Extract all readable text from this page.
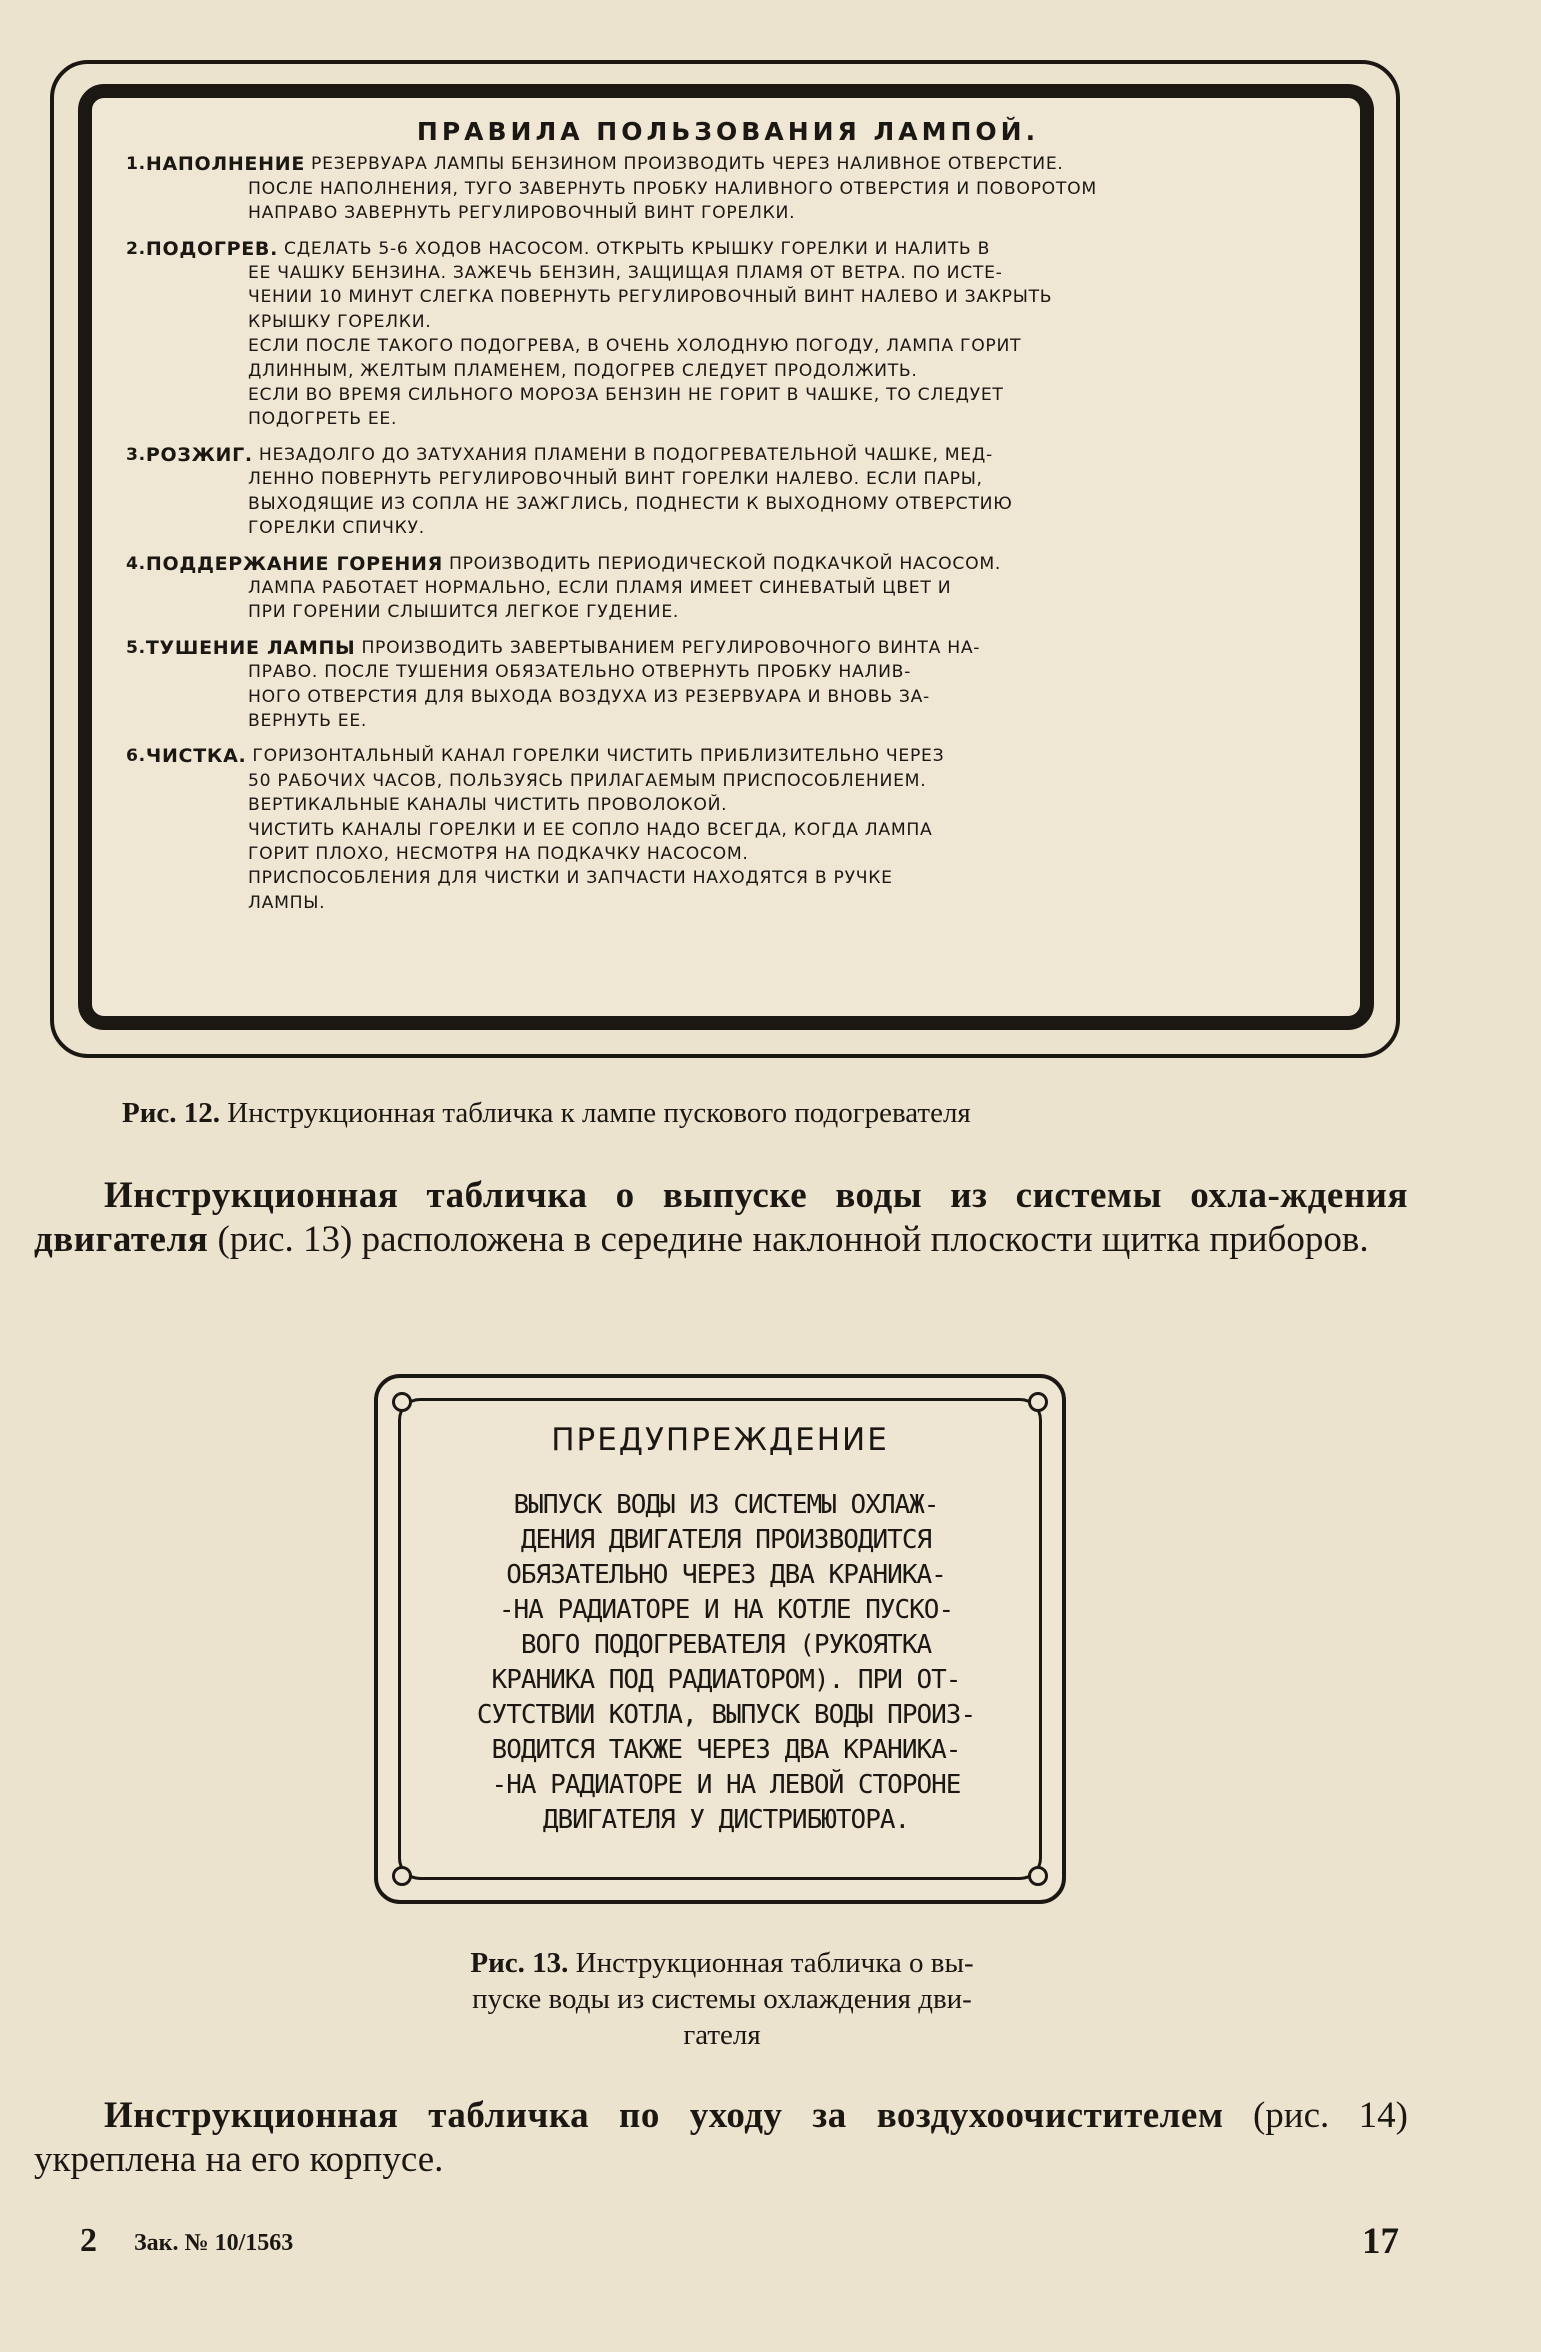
ПРАВИЛА ПОЛЬЗОВАНИЯ ЛАМПОЙ.
1. НАПОЛНЕНИЕ РЕЗЕРВУАРА ЛАМПЫ БЕНЗИНОМ ПРОИЗВОДИТЬ ЧЕРЕЗ НАЛИВНОЕ ОТВЕРСТИЕ.

ПОСЛЕ НАПОЛНЕНИЯ, ТУГО ЗАВЕРНУТЬ ПРОБКУ НАЛИВНОГО ОТВЕРСТИЯ И ПОВОРОТОМ

НАПРАВО ЗАВЕРНУТЬ РЕГУЛИРОВОЧНЫЙ ВИНТ ГОРЕЛКИ.

2. ПОДОГРЕВ. СДЕЛАТЬ 5-6 ХОДОВ НАСОСОМ. ОТКРЫТЬ КРЫШКУ ГОРЕЛКИ И НАЛИТЬ В

ЕЕ ЧАШКУ БЕНЗИНА. ЗАЖЕЧЬ БЕНЗИН, ЗАЩИЩАЯ ПЛАМЯ ОТ ВЕТРА. ПО ИСТЕ-

ЧЕНИИ 10 МИНУТ СЛЕГКА ПОВЕРНУТЬ РЕГУЛИРОВОЧНЫЙ ВИНТ НАЛЕВО И ЗАКРЫТЬ

КРЫШКУ ГОРЕЛКИ.

ЕСЛИ ПОСЛЕ ТАКОГО ПОДОГРЕВА, В ОЧЕНЬ ХОЛОДНУЮ ПОГОДУ, ЛАМПА ГОРИТ

ДЛИННЫМ, ЖЕЛТЫМ ПЛАМЕНЕМ, ПОДОГРЕВ СЛЕДУЕТ ПРОДОЛЖИТЬ.

ЕСЛИ ВО ВРЕМЯ СИЛЬНОГО МОРОЗА БЕНЗИН НЕ ГОРИТ В ЧАШКЕ, ТО СЛЕДУЕТ

ПОДОГРЕТЬ ЕЕ.

3. РОЗЖИГ. НЕЗАДОЛГО ДО ЗАТУХАНИЯ ПЛАМЕНИ В ПОДОГРЕВАТЕЛЬНОЙ ЧАШКЕ, МЕД-

ЛЕННО ПОВЕРНУТЬ РЕГУЛИРОВОЧНЫЙ ВИНТ ГОРЕЛКИ НАЛЕВО. ЕСЛИ ПАРЫ,

ВЫХОДЯЩИЕ ИЗ СОПЛА НЕ ЗАЖГЛИСЬ, ПОДНЕСТИ К ВЫХОДНОМУ ОТВЕРСТИЮ

ГОРЕЛКИ СПИЧКУ.

4. ПОДДЕРЖАНИЕ ГОРЕНИЯ ПРОИЗВОДИТЬ ПЕРИОДИЧЕСКОЙ ПОДКАЧКОЙ НАСОСОМ.

ЛАМПА РАБОТАЕТ НОРМАЛЬНО, ЕСЛИ ПЛАМЯ ИМЕЕТ СИНЕВАТЫЙ ЦВЕТ И

ПРИ ГОРЕНИИ СЛЫШИТСЯ ЛЕГКОЕ ГУДЕНИЕ.

5. ТУШЕНИЕ ЛАМПЫ ПРОИЗВОДИТЬ ЗАВЕРТЫВАНИЕМ РЕГУЛИРОВОЧНОГО ВИНТА НА-

ПРАВО. ПОСЛЕ ТУШЕНИЯ ОБЯЗАТЕЛЬНО ОТВЕРНУТЬ ПРОБКУ НАЛИВ-

НОГО ОТВЕРСТИЯ ДЛЯ ВЫХОДА ВОЗДУХА ИЗ РЕЗЕРВУАРА И ВНОВЬ ЗА-

ВЕРНУТЬ ЕЕ.

6. ЧИСТКА. ГОРИЗОНТАЛЬНЫЙ КАНАЛ ГОРЕЛКИ ЧИСТИТЬ ПРИБЛИЗИТЕЛЬНО ЧЕРЕЗ

50 РАБОЧИХ ЧАСОВ, ПОЛЬЗУЯСЬ ПРИЛАГАЕМЫМ ПРИСПОСОБЛЕНИЕМ.

ВЕРТИКАЛЬНЫЕ КАНАЛЫ ЧИСТИТЬ ПРОВОЛОКОЙ.

ЧИСТИТЬ КАНАЛЫ ГОРЕЛКИ И ЕЕ СОПЛО НАДО ВСЕГДА, КОГДА ЛАМПА

ГОРИТ ПЛОХО, НЕСМОТРЯ НА ПОДКАЧКУ НАСОСОМ.

ПРИСПОСОБЛЕНИЯ ДЛЯ ЧИСТКИ И ЗАПЧАСТИ НАХОДЯТСЯ В РУЧКЕ

ЛАМПЫ.

Рис. 12. Инструкционная табличка к лампе пускового подогревателя
Инструкционная табличка о выпуске воды из системы охла-ждения двигателя (рис. 13) расположена в середине наклонной плоскости щитка приборов.
ПРЕДУПРЕЖДЕНИЕ

ВЫПУСК ВОДЫ ИЗ СИСТЕМЫ ОХЛАЖ-

ДЕНИЯ ДВИГАТЕЛЯ ПРОИЗВОДИТСЯ

ОБЯЗАТЕЛЬНО ЧЕРЕЗ ДВА КРАНИКА-

-НА РАДИАТОРЕ И НА КОТЛЕ ПУСКО-

ВОГО ПОДОГРЕВАТЕЛЯ (РУКОЯТКА

КРАНИКА ПОД РАДИАТОРОМ). ПРИ ОТ-

СУТСТВИИ КОТЛА, ВЫПУСК ВОДЫ ПРОИЗ-

ВОДИТСЯ ТАКЖЕ ЧЕРЕЗ ДВА КРАНИКА-

-НА РАДИАТОРЕ И НА ЛЕВОЙ СТОРОНЕ

ДВИГАТЕЛЯ У ДИСТРИБЮТОРА.

Рис. 13. Инструкционная табличка о вы-
пуске воды из системы охлаждения дви-
гателя
Инструкционная табличка по уходу за воздухоочистителем (рис. 14) укреплена на его корпусе.
2 Зак. № 10/1563	17
